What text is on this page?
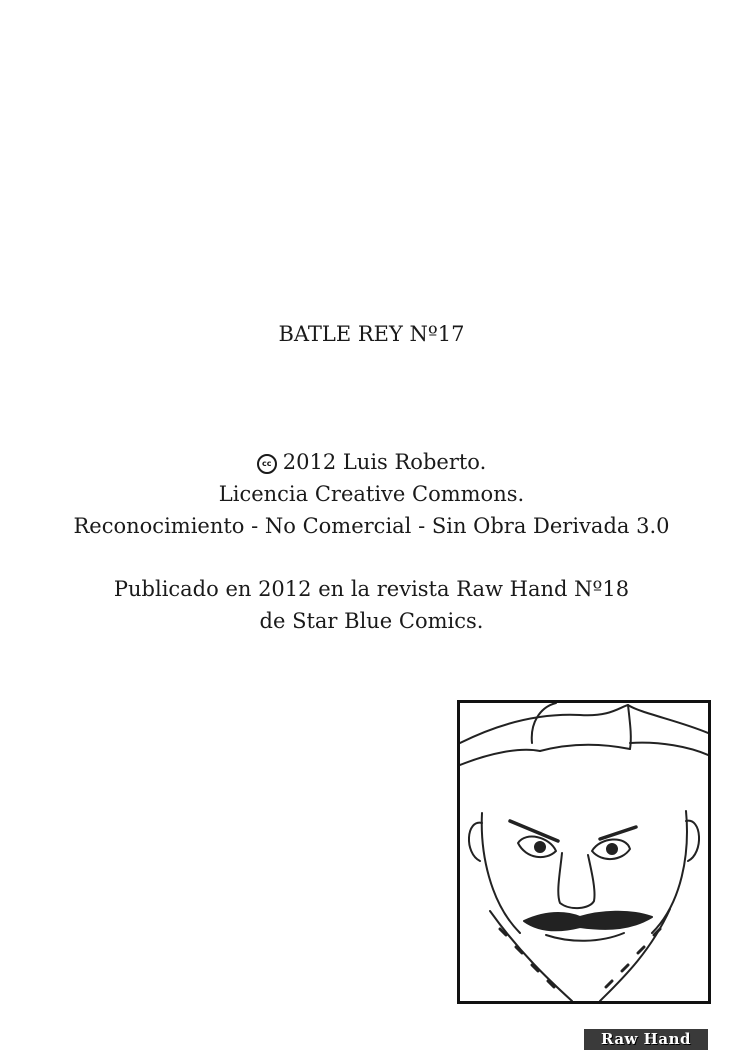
BATLE REY Nº17
cc 2012 Luis Roberto.
Licencia Creative Commons.
Reconocimiento - No Comercial - Sin Obra Derivada 3.0
Publicado en 2012 en la revista Raw Hand Nº18
de Star Blue Comics.
Raw Hand
